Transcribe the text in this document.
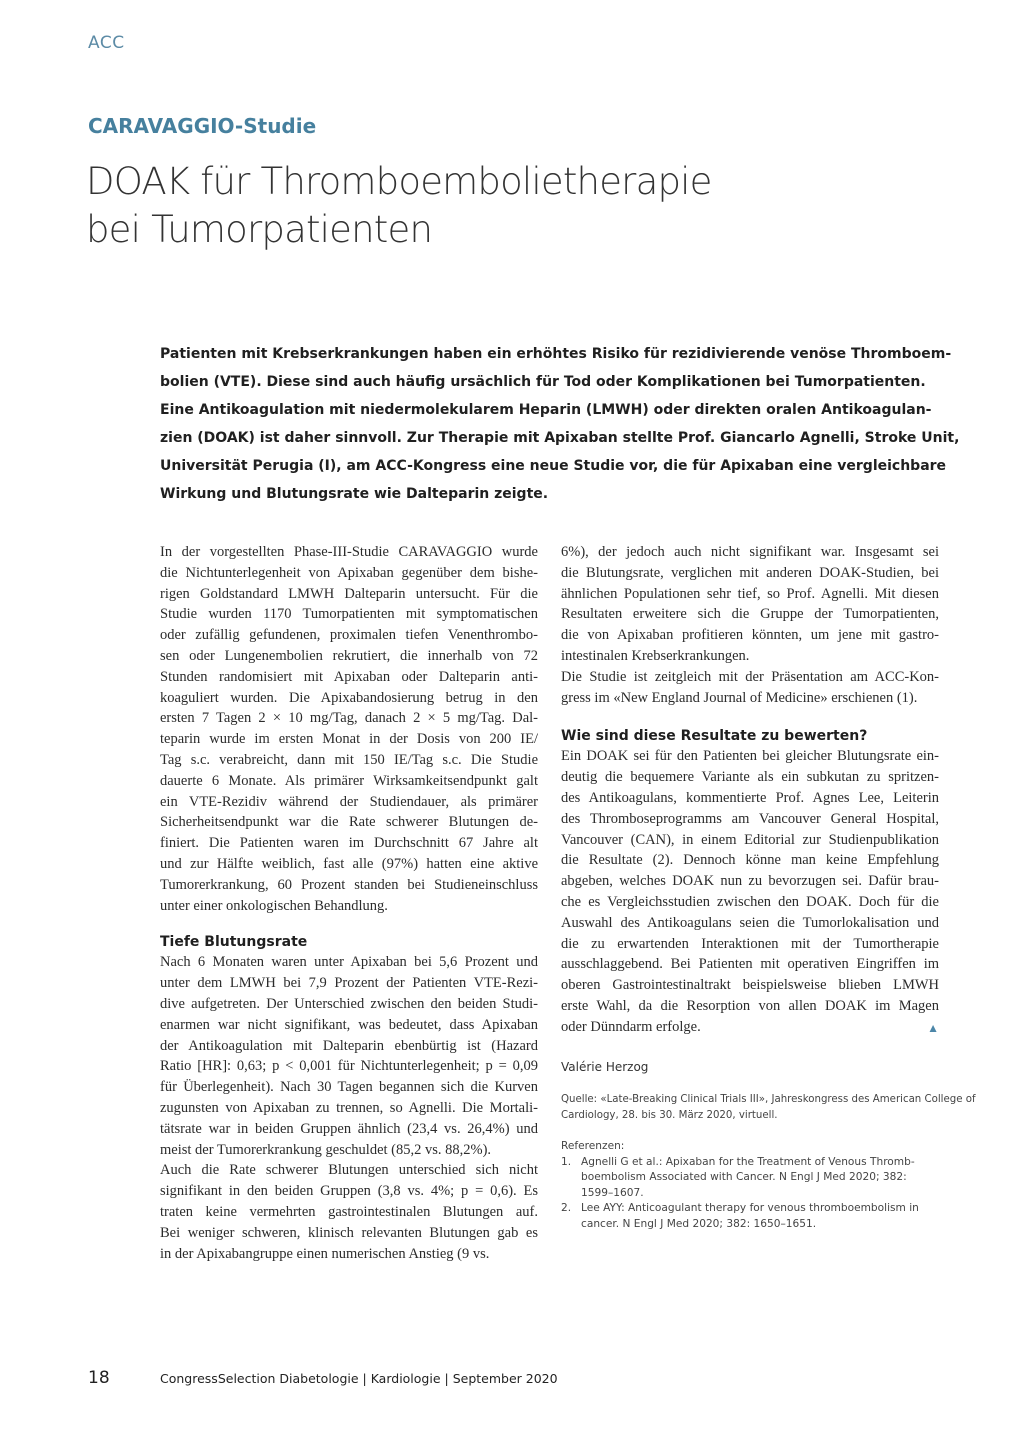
ACC
CARAVAGGIO-Studie
DOAK für Thromboembolietherapie
bei Tumorpatienten
Patienten mit Krebserkrankungen haben ein erhöhtes Risiko für rezidivierende venöse Thromboem-
bolien (VTE). Diese sind auch häufig ursächlich für Tod oder Komplikationen bei Tumorpatienten.
Eine Antikoagulation mit niedermolekularem Heparin (LMWH) oder direkten oralen Antikoagulan-
zien (DOAK) ist daher sinnvoll. Zur Therapie mit Apixaban stellte Prof. Giancarlo Agnelli, Stroke Unit,
Universität Perugia (I), am ACC-Kongress eine neue Studie vor, die für Apixaban eine vergleichbare
Wirkung und Blutungsrate wie Dalteparin zeigte.
In der vorgestellten Phase-III-Studie CARAVAGGIO wurde
die Nichtunterlegenheit von Apixaban gegenüber dem bishe-
rigen Goldstandard LMWH Dalteparin untersucht. Für die
Studie wurden 1170 Tumorpatienten mit symptomatischen
oder zufällig gefundenen, proximalen tiefen Venenthrombo-
sen oder Lungenembolien rekrutiert, die innerhalb von 72
Stunden randomisiert mit Apixaban oder Dalteparin anti-
koaguliert wurden. Die Apixabandosierung betrug in den
ersten 7 Tagen 2 × 10 mg/Tag, danach 2 × 5 mg/Tag. Dal-
teparin wurde im ersten Monat in der Dosis von 200 IE/
Tag s.c. verabreicht, dann mit 150 IE/Tag s.c. Die Studie
dauerte 6 Monate. Als primärer Wirksamkeitsendpunkt galt
ein VTE-Rezidiv während der Studiendauer, als primärer
Sicherheitsendpunkt war die Rate schwerer Blutungen de-
finiert. Die Patienten waren im Durchschnitt 67 Jahre alt
und zur Hälfte weiblich, fast alle (97%) hatten eine aktive
Tumorerkrankung, 60 Prozent standen bei Studieneinschluss
unter einer onkologischen Behandlung.
Tiefe Blutungsrate
Nach 6 Monaten waren unter Apixaban bei 5,6 Prozent und
unter dem LMWH bei 7,9 Prozent der Patienten VTE-Rezi-
dive aufgetreten. Der Unterschied zwischen den beiden Studi-
enarmen war nicht signifikant, was bedeutet, dass Apixaban
der Antikoagulation mit Dalteparin ebenbürtig ist (Hazard
Ratio [HR]: 0,63; p < 0,001 für Nichtunterlegenheit; p = 0,09
für Überlegenheit). Nach 30 Tagen begannen sich die Kurven
zugunsten von Apixaban zu trennen, so Agnelli. Die Mortali-
tätsrate war in beiden Gruppen ähnlich (23,4 vs. 26,4%) und
meist der Tumorerkrankung geschuldet (85,2 vs. 88,2%).
Auch die Rate schwerer Blutungen unterschied sich nicht
signifikant in den beiden Gruppen (3,8 vs. 4%; p = 0,6). Es
traten keine vermehrten gastrointestinalen Blutungen auf.
Bei weniger schweren, klinisch relevanten Blutungen gab es
in der Apixabangruppe einen numerischen Anstieg (9 vs.
6%), der jedoch auch nicht signifikant war. Insgesamt sei
die Blutungsrate, verglichen mit anderen DOAK-Studien, bei
ähnlichen Populationen sehr tief, so Prof. Agnelli. Mit diesen
Resultaten erweitere sich die Gruppe der Tumorpatienten,
die von Apixaban profitieren könnten, um jene mit gastro-
intestinalen Krebserkrankungen.
Die Studie ist zeitgleich mit der Präsentation am ACC-Kon-
gress im «New England Journal of Medicine» erschienen (1).
Wie sind diese Resultate zu bewerten?
Ein DOAK sei für den Patienten bei gleicher Blutungsrate ein-
deutig die bequemere Variante als ein subkutan zu spritzen-
des Antikoagulans, kommentierte Prof. Agnes Lee, Leiterin
des Thromboseprogramms am Vancouver General Hospital,
Vancouver (CAN), in einem Editorial zur Studienpublikation
die Resultate (2). Dennoch könne man keine Empfehlung
abgeben, welches DOAK nun zu bevorzugen sei. Dafür brau-
che es Vergleichsstudien zwischen den DOAK. Doch für die
Auswahl des Antikoagulans seien die Tumorlokalisation und
die zu erwartenden Interaktionen mit der Tumortherapie
ausschlaggebend. Bei Patienten mit operativen Eingriffen im
oberen Gastrointestinaltrakt beispielsweise blieben LMWH
erste Wahl, da die Resorption von allen DOAK im Magen
▲
oder Dünndarm erfolge.
Valérie Herzog
Quelle: «Late-Breaking Clinical Trials III», Jahreskongress des American College of
Cardiology, 28. bis 30. März 2020, virtuell.
Referenzen:
1. Agnelli G et al.: Apixaban for the Treatment of Venous Thromb-
boembolism Associated with Cancer. N Engl J Med 2020; 382:
1599–1607.
2. Lee AYY: Anticoagulant therapy for venous thromboembolism in
cancer. N Engl J Med 2020; 382: 1650–1651.
18	CongressSelection Diabetologie | Kardiologie | September 2020
